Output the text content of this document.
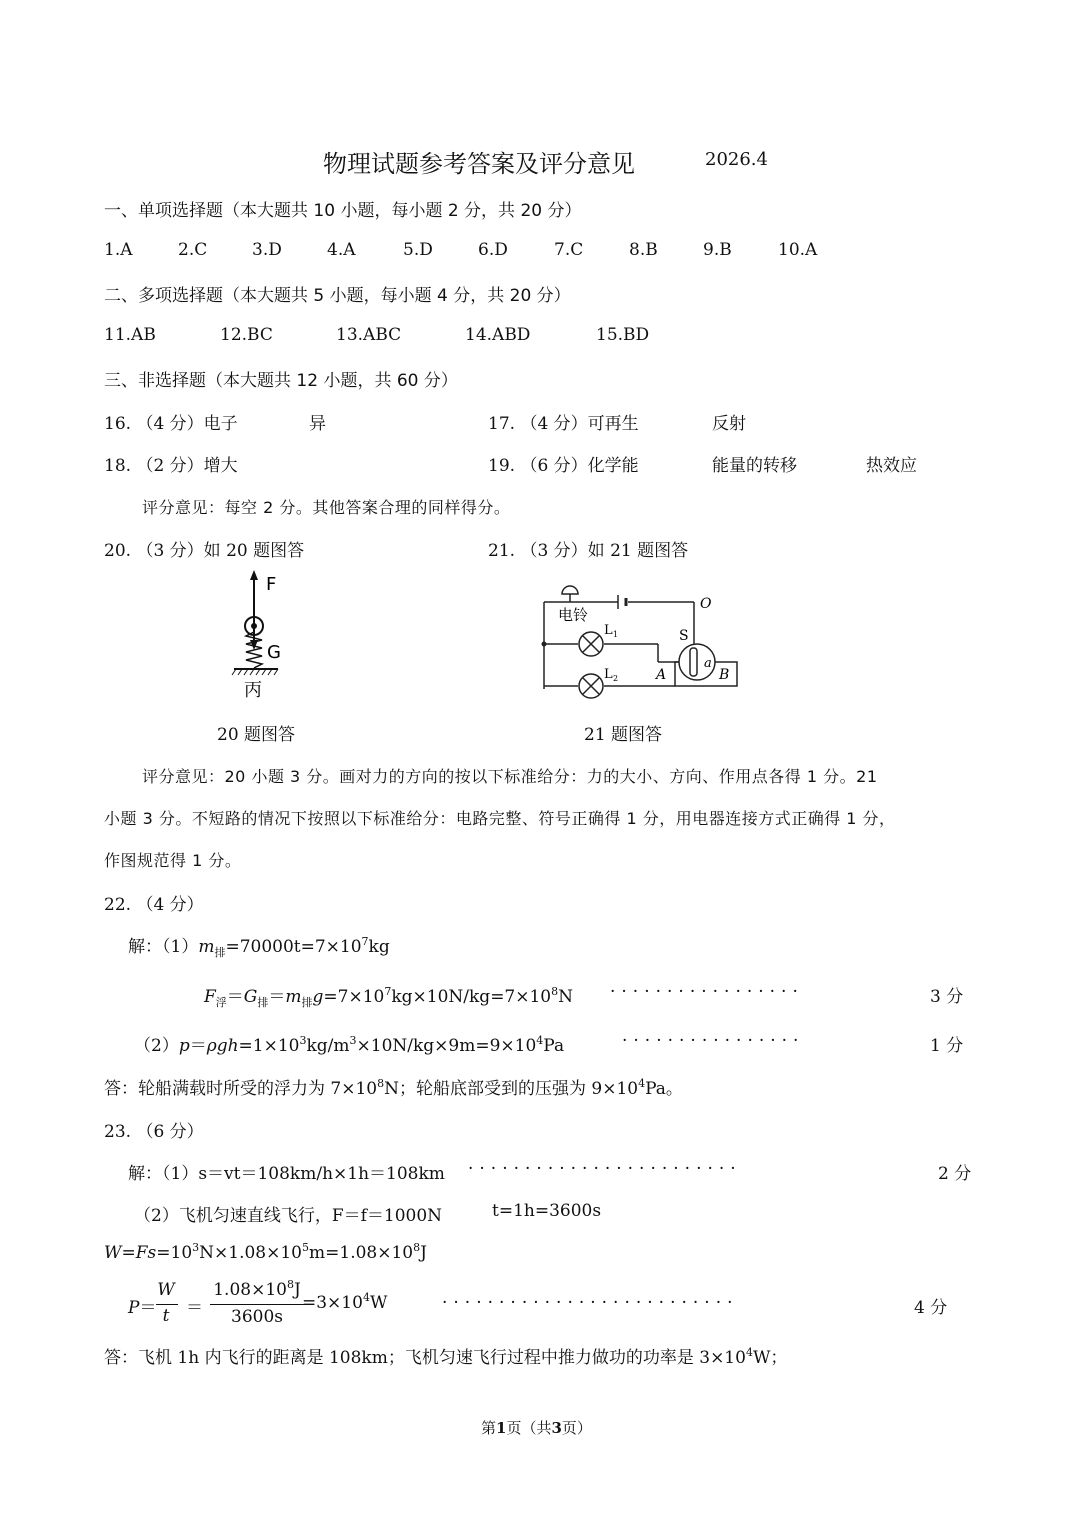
物理试题参考答案及评分意见	2026.4
一、单项选择题（本大题共 10 小题，每小题 2 分，共 20 分）
1.A	2.C	3.D	4.A	5.D	6.D	7.C	8.B	9.B	10.A
二、多项选择题（本大题共 5 小题，每小题 4 分，共 20 分）
11.AB	12.BC	13.ABC	14.ABD	15.BD
三、非选择题（本大题共 12 小题，共 60 分）
16. （4 分）电子	异	17. （4 分）可再生	反射
18. （2 分）增大	19. （6 分）化学能	能量的转移	热效应
评分意见：每空 2 分。其他答案合理的同样得分。
20. （3 分）如 20 题图答	21. （3 分）如 21 题图答
F
G
丙
20 题图答
电铃
L 1
L 2
O
S
a
A	B
21 题图答
评分意见：20 小题 3 分。画对力的方向的按以下标准给分：力的大小、方向、作用点各得 1 分。21
小题 3 分。不短路的情况下按照以下标准给分：电路完整、符号正确得 1 分，用电器连接方式正确得 1 分，
作图规范得 1 分。
22. （4 分）
解：$(1)m_排=70000t=7\times 10^7kg$
$F_浮=G_排=m_排g=7\times 10^7kg\times 10N/kg=7\times 10^8N$ ·················	3 分
$(2)p=\rho gh=1\times 10^3kg/m^3\times 10N/kg\times 9m=9\times 10^4Pa$	················	1 分
答：轮船满载时所受的浮力为 $7\times 10^8N$；轮船底部受到的压强为 $9\times 10^4Pa$。
23. （6 分）
解：（1）s＝vt＝108km/h×1h＝108km ························	2 分
（2）飞机匀速直线飞行，F＝f＝1000N	t=1h=3600s
$W=Fs=10^3N\times 1.08\times 10^5m=1.08\times 10^8J$
P＝
W
t ＝
$1.08\times 10^8J$
3600s
$=3\times 10^4W$	··························	4 分
答：飞机 1h 内飞行的距离是 108km；飞机匀速飞行过程中推力做功的功率是 $3\times 10^4W$；
第1页（共3页）
